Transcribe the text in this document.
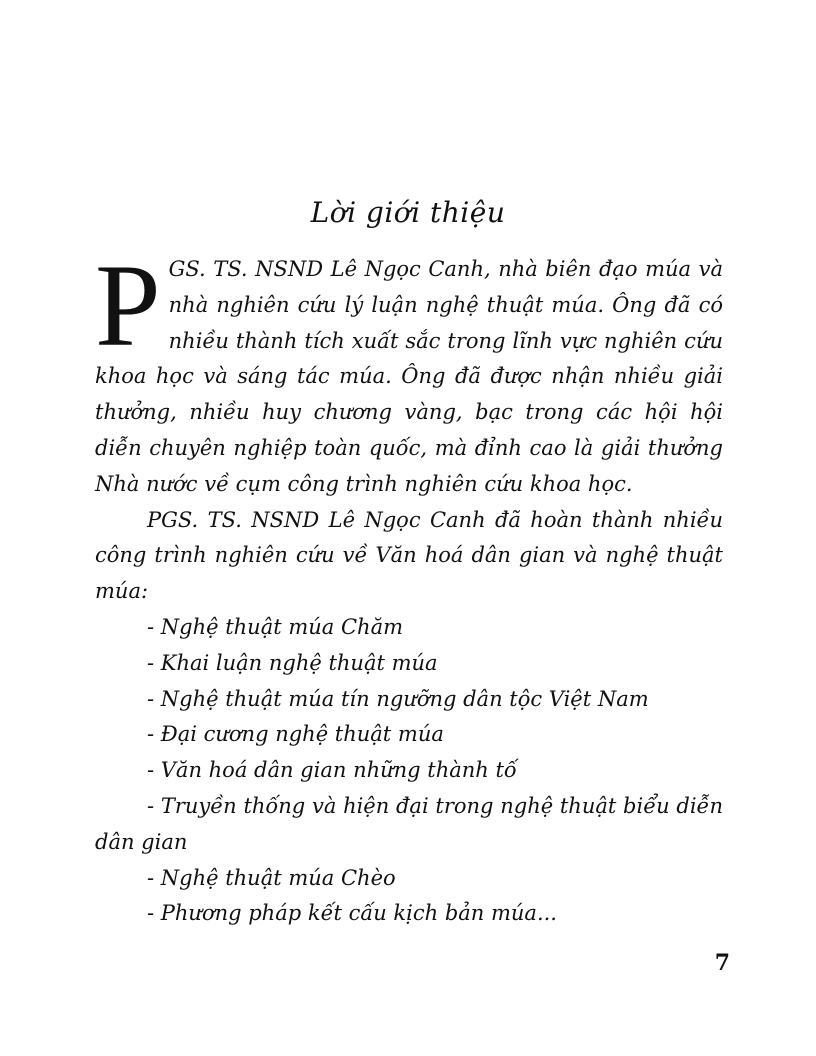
Lời giới thiệu

PGS. TS. NSND Lê Ngọc Canh, nhà biên đạo múa và nhà nghiên cứu lý luận nghệ thuật múa. Ông đã có nhiều thành tích xuất sắc trong lĩnh vực nghiên cứu khoa học và sáng tác múa. Ông đã được nhận nhiều giải thưởng, nhiều huy chương vàng, bạc trong các hội hội diễn chuyên nghiệp toàn quốc, mà đỉnh cao là giải thưởng Nhà nước về cụm công trình nghiên cứu khoa học.

PGS. TS. NSND Lê Ngọc Canh đã hoàn thành nhiều công trình nghiên cứu về Văn hoá dân gian và nghệ thuật múa:

- Nghệ thuật múa Chăm
- Khai luận nghệ thuật múa
- Nghệ thuật múa tín ngưỡng dân tộc Việt Nam
- Đại cương nghệ thuật múa
- Văn hoá dân gian những thành tố
- Truyền thống và hiện đại trong nghệ thuật biểu diễn dân gian
- Nghệ thuật múa Chèo
- Phương pháp kết cấu kịch bản múa...
7
